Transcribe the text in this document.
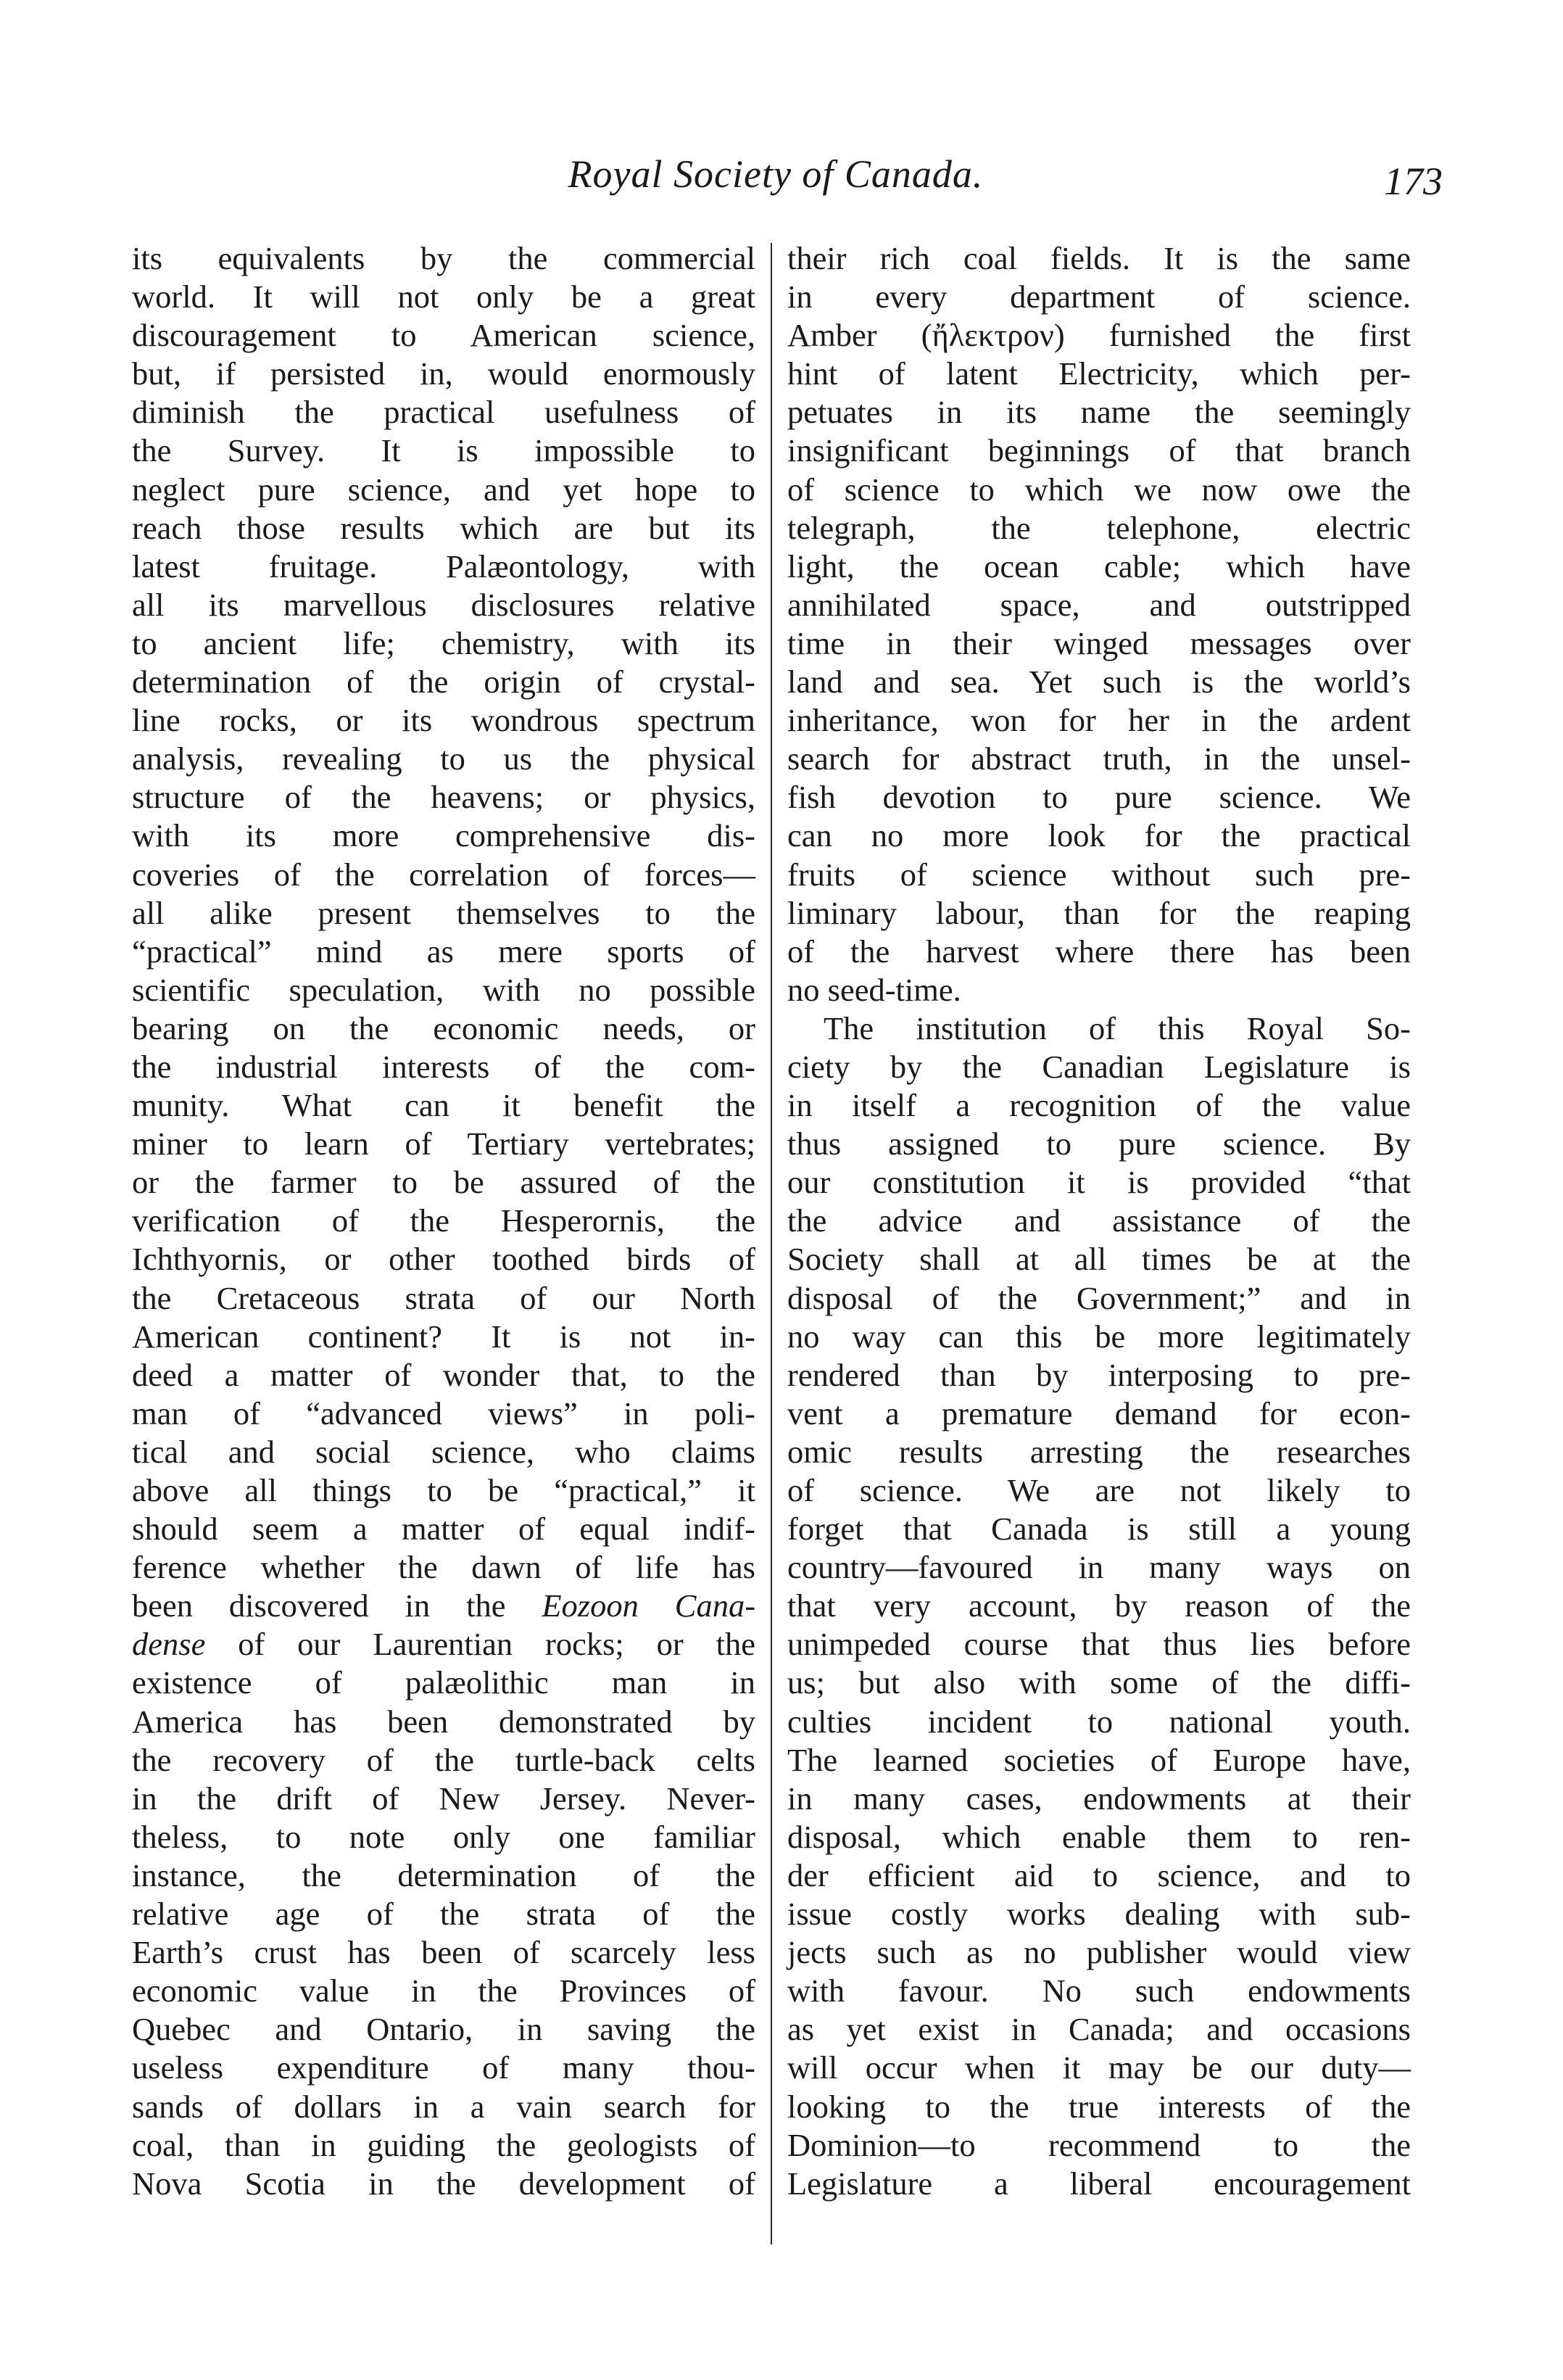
Royal Society of Canada.	173
its equivalents by the commercial
world. It will not only be a great
discouragement to American science,
but, if persisted in, would enormously
diminish the practical usefulness of
the Survey. It is impossible to
neglect pure science, and yet hope to
reach those results which are but its
latest fruitage. Palæontology, with
all its marvellous disclosures relative
to ancient life; chemistry, with its
determination of the origin of crystal-
line rocks, or its wondrous spectrum
analysis, revealing to us the physical
structure of the heavens; or physics,
with its more comprehensive dis-
coveries of the correlation of forces—
all alike present themselves to the
“practical” mind as mere sports of
scientific speculation, with no possible
bearing on the economic needs, or
the industrial interests of the com-
munity. What can it benefit the
miner to learn of Tertiary vertebrates;
or the farmer to be assured of the
verification of the Hesperornis, the
Ichthyornis, or other toothed birds of
the Cretaceous strata of our North
American continent? It is not in-
deed a matter of wonder that, to the
man of “advanced views” in poli-
tical and social science, who claims
above all things to be “practical,” it
should seem a matter of equal indif-
ference whether the dawn of life has
been discovered in the Eozoon Cana-
dense of our Laurentian rocks; or the
existence of palæolithic man in
America has been demonstrated by
the recovery of the turtle-back celts
in the drift of New Jersey. Never-
theless, to note only one familiar
instance, the determination of the
relative age of the strata of the
Earth’s crust has been of scarcely less
economic value in the Provinces of
Quebec and Ontario, in saving the
useless expenditure of many thou-
sands of dollars in a vain search for
coal, than in guiding the geologists of
Nova Scotia in the development of
their rich coal fields. It is the same
in every department of science.
Amber (ἤλεκτρον) furnished the first
hint of latent Electricity, which per-
petuates in its name the seemingly
insignificant beginnings of that branch
of science to which we now owe the
telegraph, the telephone, electric
light, the ocean cable; which have
annihilated space, and outstripped
time in their winged messages over
land and sea. Yet such is the world’s
inheritance, won for her in the ardent
search for abstract truth, in the unsel-
fish devotion to pure science. We
can no more look for the practical
fruits of science without such pre-
liminary labour, than for the reaping
of the harvest where there has been
no seed-time.
The institution of this Royal So-
ciety by the Canadian Legislature is
in itself a recognition of the value
thus assigned to pure science. By
our constitution it is provided “that
the advice and assistance of the
Society shall at all times be at the
disposal of the Government;” and in
no way can this be more legitimately
rendered than by interposing to pre-
vent a premature demand for econ-
omic results arresting the researches
of science. We are not likely to
forget that Canada is still a young
country—favoured in many ways on
that very account, by reason of the
unimpeded course that thus lies before
us; but also with some of the diffi-
culties incident to national youth.
The learned societies of Europe have,
in many cases, endowments at their
disposal, which enable them to ren-
der efficient aid to science, and to
issue costly works dealing with sub-
jects such as no publisher would view
with favour. No such endowments
as yet exist in Canada; and occasions
will occur when it may be our duty—
looking to the true interests of the
Dominion—to recommend to the
Legislature a liberal encouragement
